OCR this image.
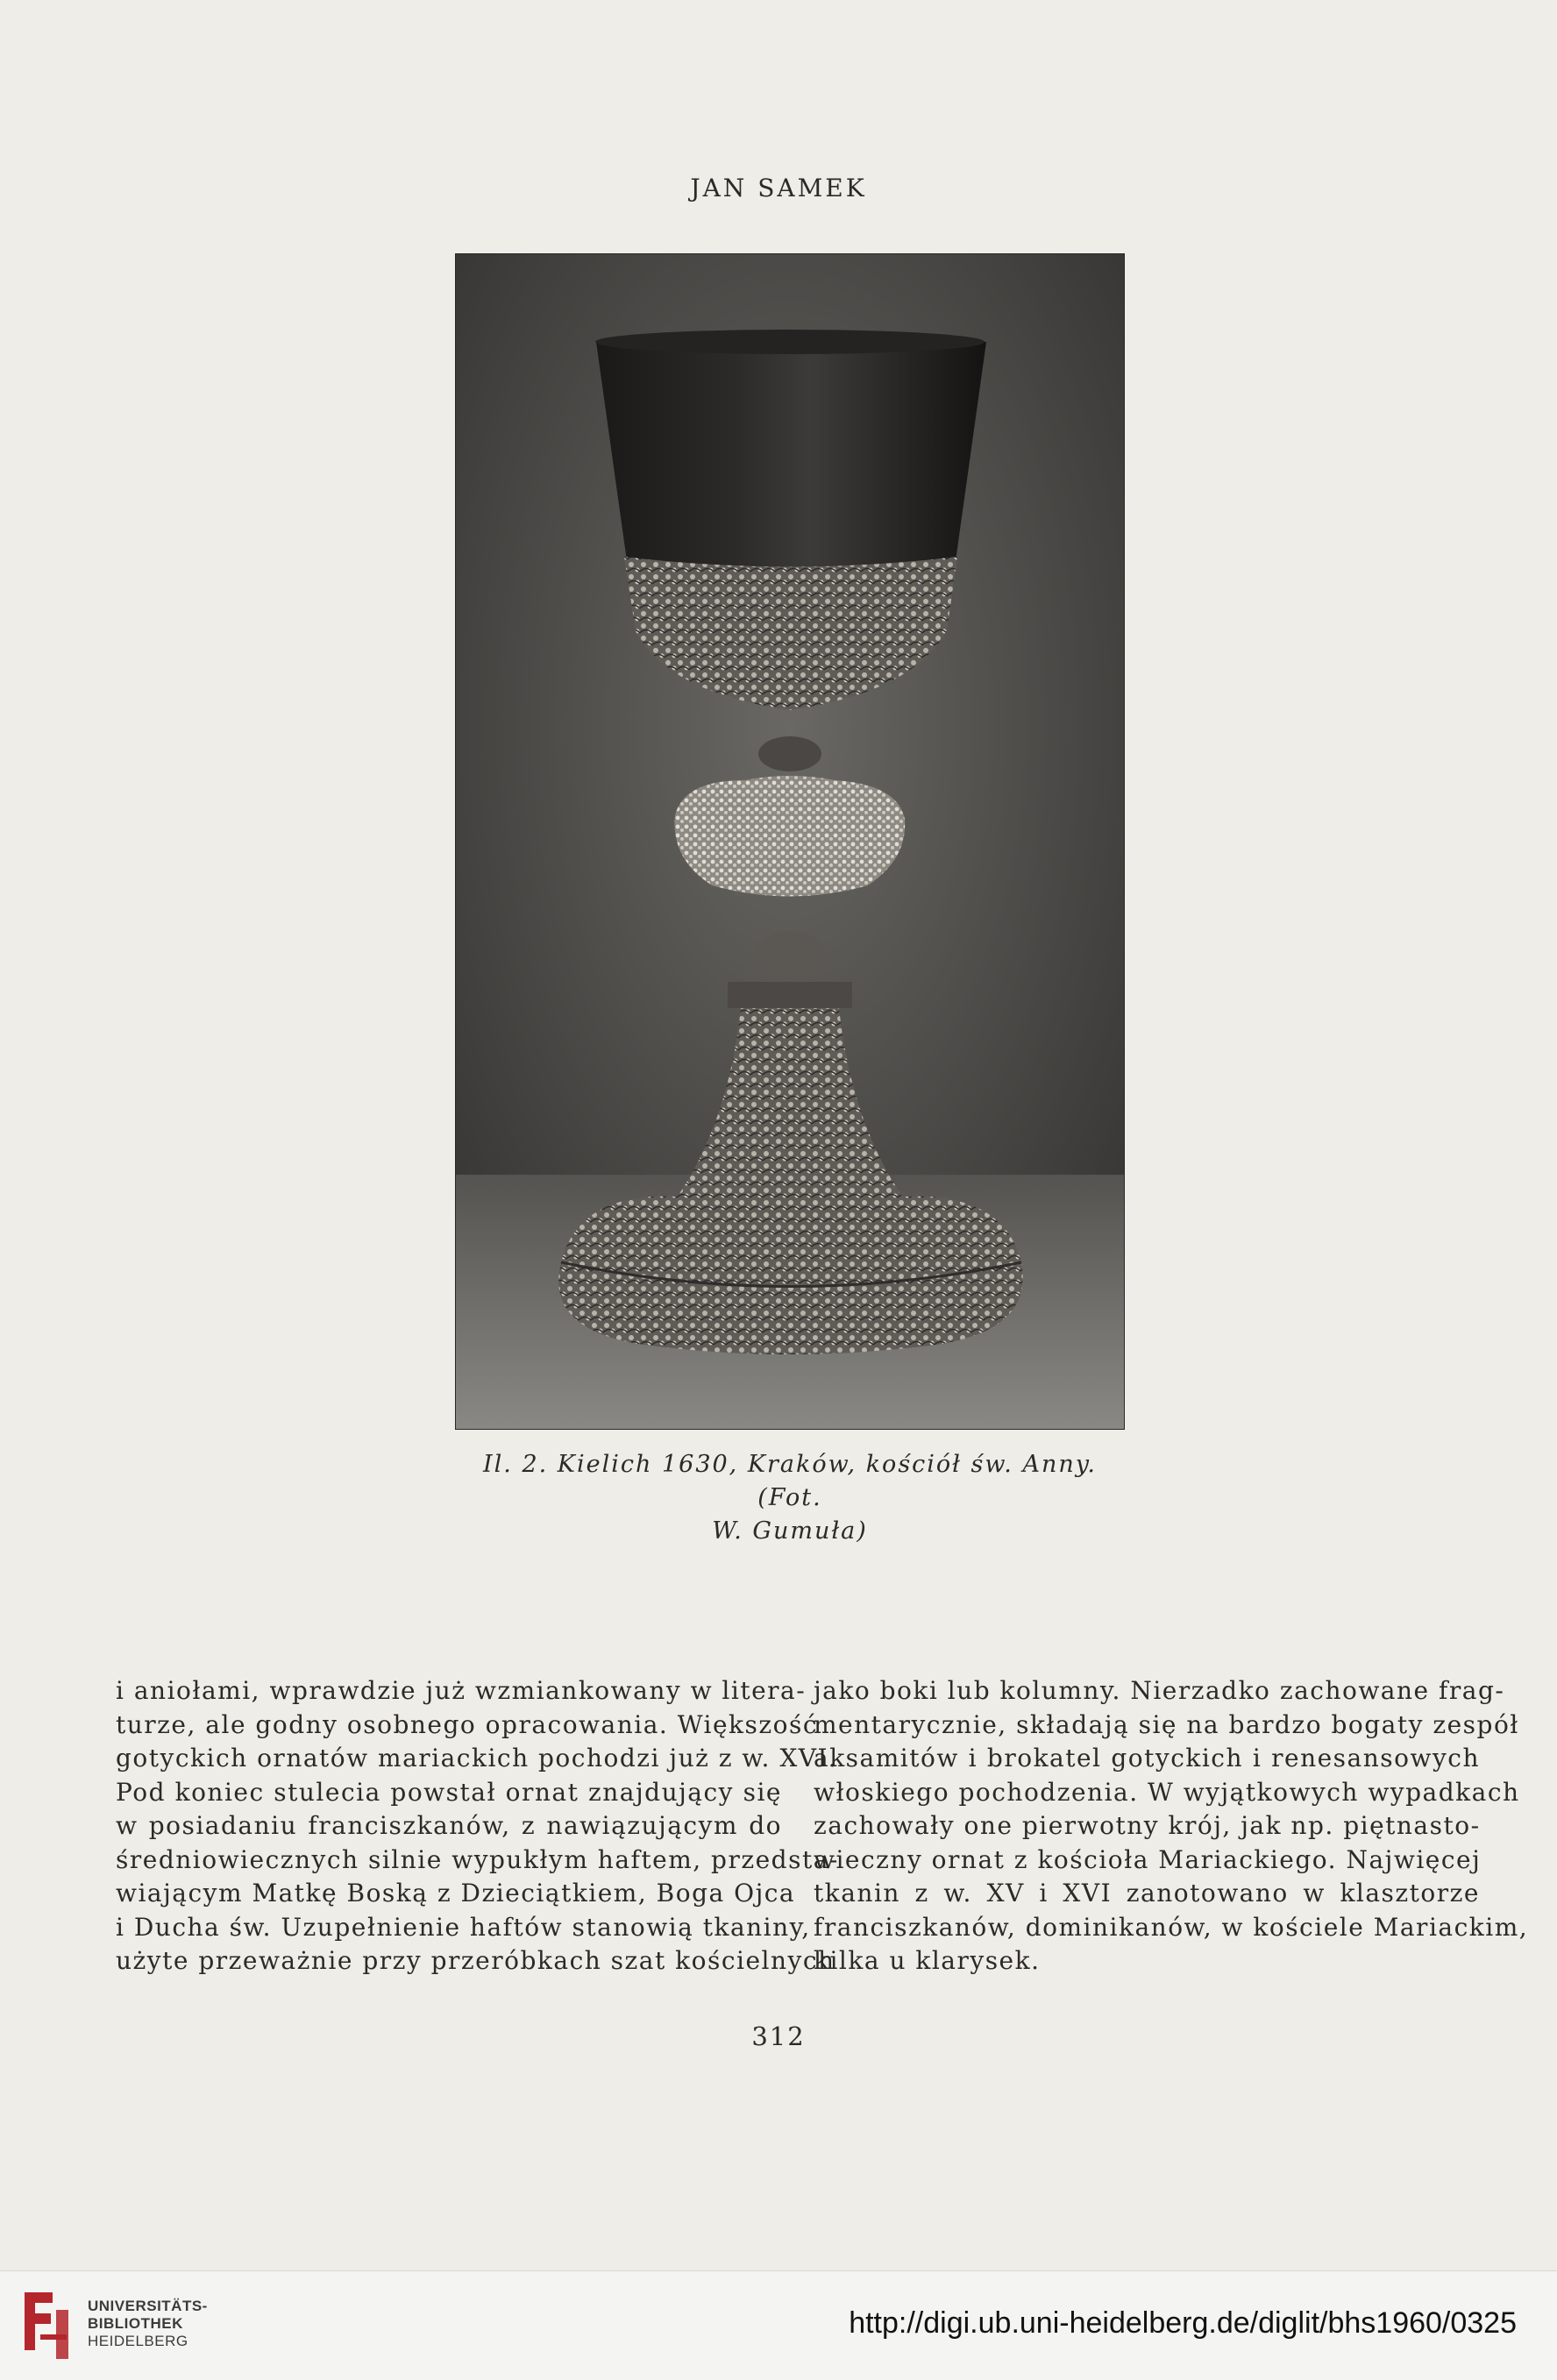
JAN SAMEK
Il. 2. Kielich 1630, Kraków, kościół św. Anny. (Fot.
W. Gumuła)
i aniołami, wprawdzie już wzmiankowany w litera-
turze, ale godny osobnego opracowania. Większość
gotyckich ornatów mariackich pochodzi już z w. XVI.
Pod koniec stulecia powstał ornat znajdujący się
w posiadaniu franciszkanów, z nawiązującym do
średniowiecznych silnie wypukłym haftem, przedsta-
wiającym Matkę Boską z Dzieciątkiem, Boga Ojca
i Ducha św. Uzupełnienie haftów stanowią tkaniny,
użyte przeważnie przy przeróbkach szat kościelnych
jako boki lub kolumny. Nierzadko zachowane frag-
mentarycznie, składają się na bardzo bogaty zespół
aksamitów i brokatel gotyckich i renesansowych
włoskiego pochodzenia. W wyjątkowych wypadkach
zachowały one pierwotny krój, jak np. piętnasto-
wieczny ornat z kościoła Mariackiego. Najwięcej
tkanin z w. XV i XVI zanotowano w klasztorze
franciszkanów, dominikanów, w kościele Mariackim,
kilka u klarysek.
312
UNIVERSITÄTS-
BIBLIOTHEK
HEIDELBERG
http://digi.ub.uni-heidelberg.de/diglit/bhs1960/0325
